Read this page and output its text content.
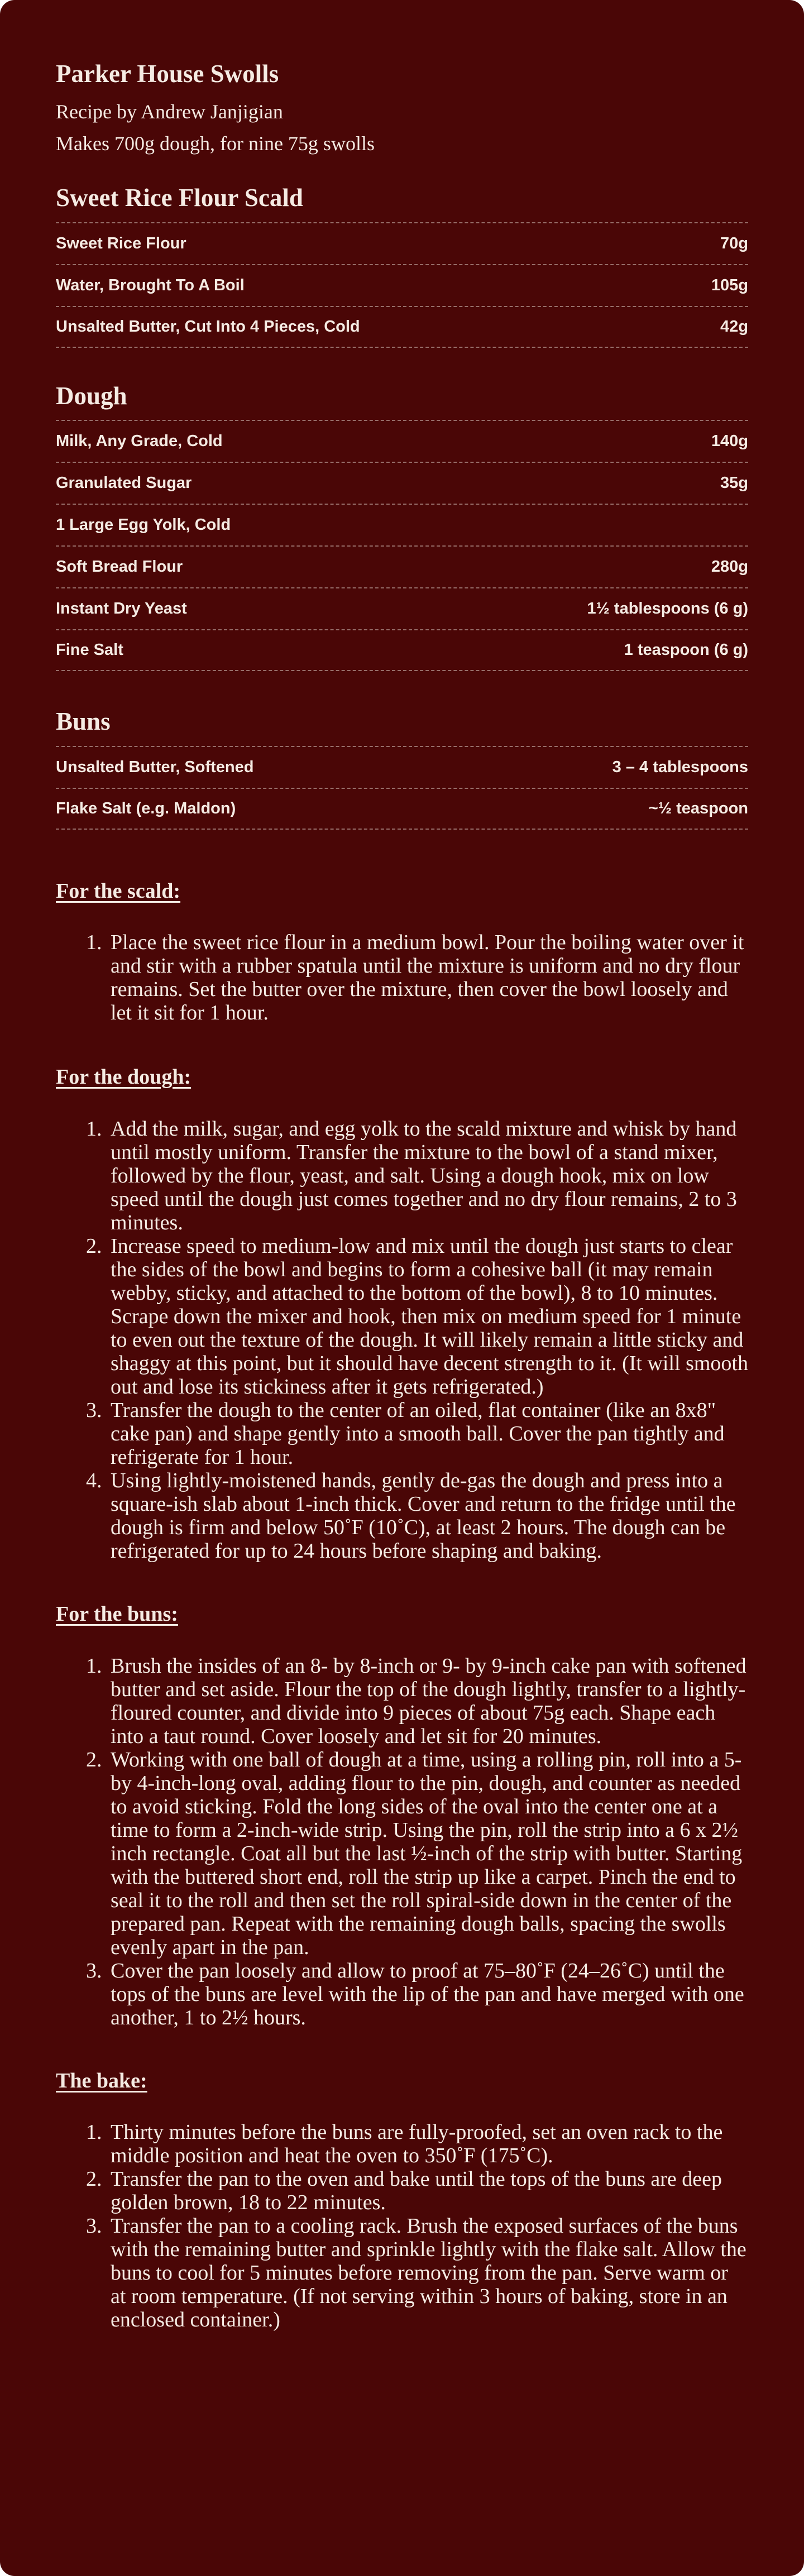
Parker House Swolls

Recipe by Andrew Janjigian

Makes 700g dough, for nine 75g swolls

Sweet Rice Flour Scald
Sweet Rice Flour	70g
Water, Brought To A Boil	105g
Unsalted Butter, Cut Into 4 Pieces, Cold	42g
Dough
Milk, Any Grade, Cold	140g
Granulated Sugar	35g
1 Large Egg Yolk, Cold
Soft Bread Flour	280g
Instant Dry Yeast	1½ tablespoons (6 g)
Fine Salt	1 teaspoon (6 g)
Buns
Unsalted Butter, Softened	3 – 4 tablespoons
Flake Salt (e.g. Maldon)	~½ teaspoon
For the scald:
1. Place the sweet rice flour in a medium bowl. Pour the boiling water over it and stir with a rubber spatula until the mixture is uniform and no dry flour remains. Set the butter over the mixture, then cover the bowl loosely and let it sit for 1 hour.
For the dough:
1. Add the milk, sugar, and egg yolk to the scald mixture and whisk by hand until mostly uniform. Transfer the mixture to the bowl of a stand mixer, followed by the flour, yeast, and salt. Using a dough hook, mix on low speed until the dough just comes together and no dry flour remains, 2 to 3 minutes.
2. Increase speed to medium-low and mix until the dough just starts to clear the sides of the bowl and begins to form a cohesive ball (it may remain webby, sticky, and attached to the bottom of the bowl), 8 to 10 minutes. Scrape down the mixer and hook, then mix on medium speed for 1 minute to even out the texture of the dough. It will likely remain a little sticky and shaggy at this point, but it should have decent strength to it. (It will smooth out and lose its stickiness after it gets refrigerated.)
3. Transfer the dough to the center of an oiled, flat container (like an 8x8" cake pan) and shape gently into a smooth ball. Cover the pan tightly and refrigerate for 1 hour.
4. Using lightly-moistened hands, gently de-gas the dough and press into a square-ish slab about 1-inch thick. Cover and return to the fridge until the dough is firm and below 50˚F (10˚C), at least 2 hours. The dough can be refrigerated for up to 24 hours before shaping and baking.
For the buns:
1. Brush the insides of an 8- by 8-inch or 9- by 9-inch cake pan with softened butter and set aside. Flour the top of the dough lightly, transfer to a lightly-floured counter, and divide into 9 pieces of about 75g each. Shape each into a taut round. Cover loosely and let sit for 20 minutes.
2. Working with one ball of dough at a time, using a rolling pin, roll into a 5- by 4-inch-long oval, adding flour to the pin, dough, and counter as needed to avoid sticking. Fold the long sides of the oval into the center one at a time to form a 2-inch-wide strip. Using the pin, roll the strip into a 6 x 2½ inch rectangle. Coat all but the last ½-inch of the strip with butter. Starting with the buttered short end, roll the strip up like a carpet. Pinch the end to seal it to the roll and then set the roll spiral-side down in the center of the prepared pan. Repeat with the remaining dough balls, spacing the swolls evenly apart in the pan.
3. Cover the pan loosely and allow to proof at 75–80˚F (24–26˚C) until the tops of the buns are level with the lip of the pan and have merged with one another, 1 to 2½ hours.
The bake:
1. Thirty minutes before the buns are fully-proofed, set an oven rack to the middle position and heat the oven to 350˚F (175˚C).
2. Transfer the pan to the oven and bake until the tops of the buns are deep golden brown, 18 to 22 minutes.
3. Transfer the pan to a cooling rack. Brush the exposed surfaces of the buns with the remaining butter and sprinkle lightly with the flake salt. Allow the buns to cool for 5 minutes before removing from the pan. Serve warm or at room temperature. (If not serving within 3 hours of baking, store in an enclosed container.)
